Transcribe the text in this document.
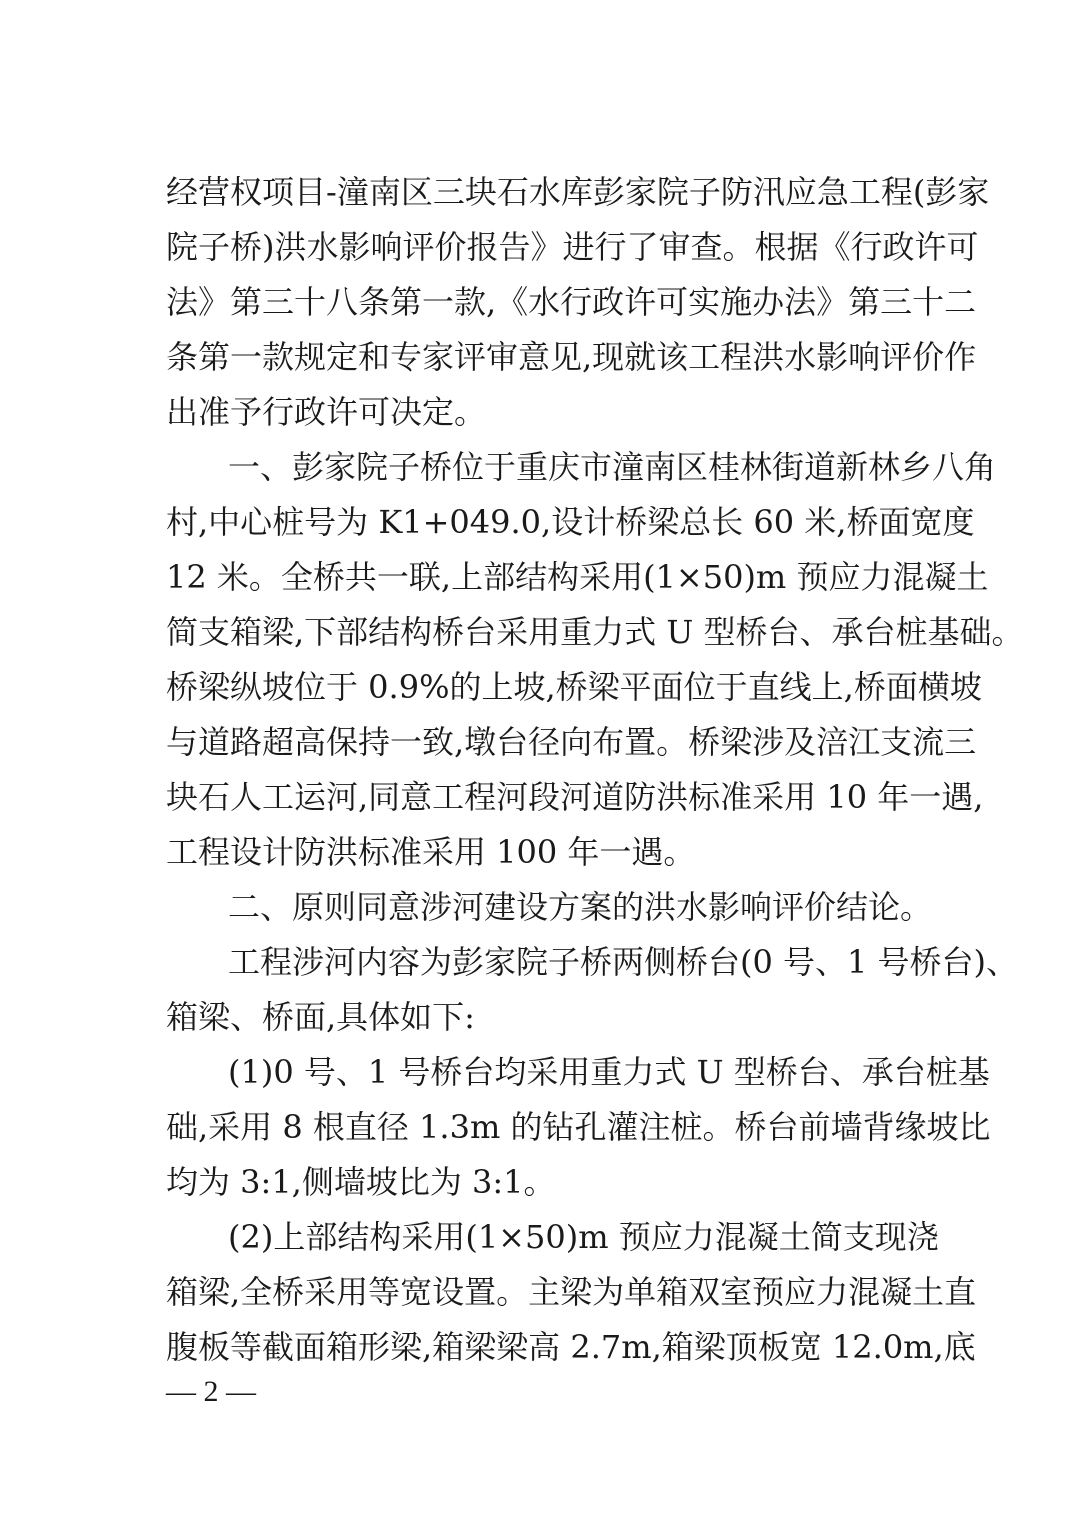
经营权项目-潼南区三块石水库彭家院子防汛应急工程(彭家
院子桥)洪水影响评价报告》进行了审查。根据《行政许可
法》第三十八条第一款,《水行政许可实施办法》第三十二
条第一款规定和专家评审意见,现就该工程洪水影响评价作
出准予行政许可决定。
一、彭家院子桥位于重庆市潼南区桂林街道新林乡八角
村,中心桩号为 K1+049.0,设计桥梁总长 60 米,桥面宽度
12 米。全桥共一联,上部结构采用(1×50)m 预应力混凝土
简支箱梁,下部结构桥台采用重力式 U 型桥台、承台桩基础。
桥梁纵坡位于 0.9%的上坡,桥梁平面位于直线上,桥面横坡
与道路超高保持一致,墩台径向布置。桥梁涉及涪江支流三
块石人工运河,同意工程河段河道防洪标准采用 10 年一遇,
工程设计防洪标准采用 100 年一遇。
二、原则同意涉河建设方案的洪水影响评价结论。
工程涉河内容为彭家院子桥两侧桥台(0 号、1 号桥台)、
箱梁、桥面,具体如下:
(1)0 号、1 号桥台均采用重力式 U 型桥台、承台桩基
础,采用 8 根直径 1.3m 的钻孔灌注桩。桥台前墙背缘坡比
均为 3:1,侧墙坡比为 3:1。
(2)上部结构采用(1×50)m 预应力混凝土简支现浇
箱梁,全桥采用等宽设置。主梁为单箱双室预应力混凝土直
腹板等截面箱形梁,箱梁梁高 2.7m,箱梁顶板宽 12.0m,底
— 2 —
